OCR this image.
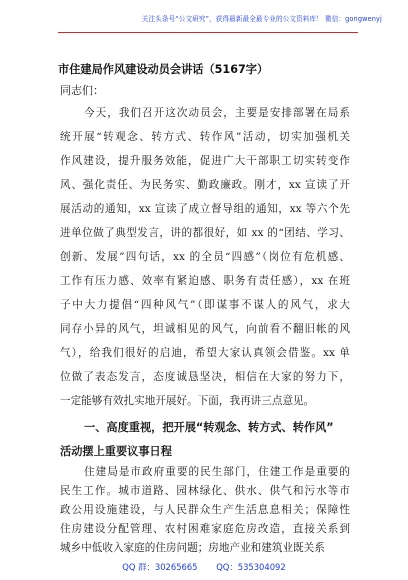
关注头条号“公文研究”，获得最新最全最专业的公文资料库！ 微信：gongwenyj
市住建局作风建设动员会讲话（5167字）
同志们：
今天，我们召开这次动员会，主要是安排部署在局系
统开展“转观念、转方式、转作风”活动，切实加强机关
作风建设，提升服务效能，促进广大干部职工切实转变作
风、强化责任、为民务实、勤政廉政。刚才，xx 宣读了开
展活动的通知，xx 宣读了成立督导组的通知，xx 等六个先
进单位做了典型发言，讲的都很好，如 xx 的“团结、学习、
创新、发展”四句话，xx 的全员“四感”（岗位有危机感、
工作有压力感、效率有紧迫感、职务有责任感），xx 在班
子中大力提倡“四种风气”（即谋事不谋人的风气，求大
同存小异的风气，坦诚相见的风气，向前看不翻旧帐的风
气），给我们很好的启迪，希望大家认真领会借鉴。xx 单
位做了表态发言，态度诚恳坚决，相信在大家的努力下，
一定能够有效扎实地开展好。下面，我再讲三点意见。
一、高度重视，把开展“转观念、转方式、转作风”
活动摆上重要议事日程
住建局是市政府重要的民生部门，住建工作是重要的
民生工作。城市道路、园林绿化、供水、供气和污水等市
政公用设施建设，与人民群众生产生活息息相关；保障性
住房建设分配管理、农村困难家庭危房改造，直接关系到
城乡中低收入家庭的住房问题；房地产业和建筑业既关系
QQ 群：30265665 QQ：535304092
